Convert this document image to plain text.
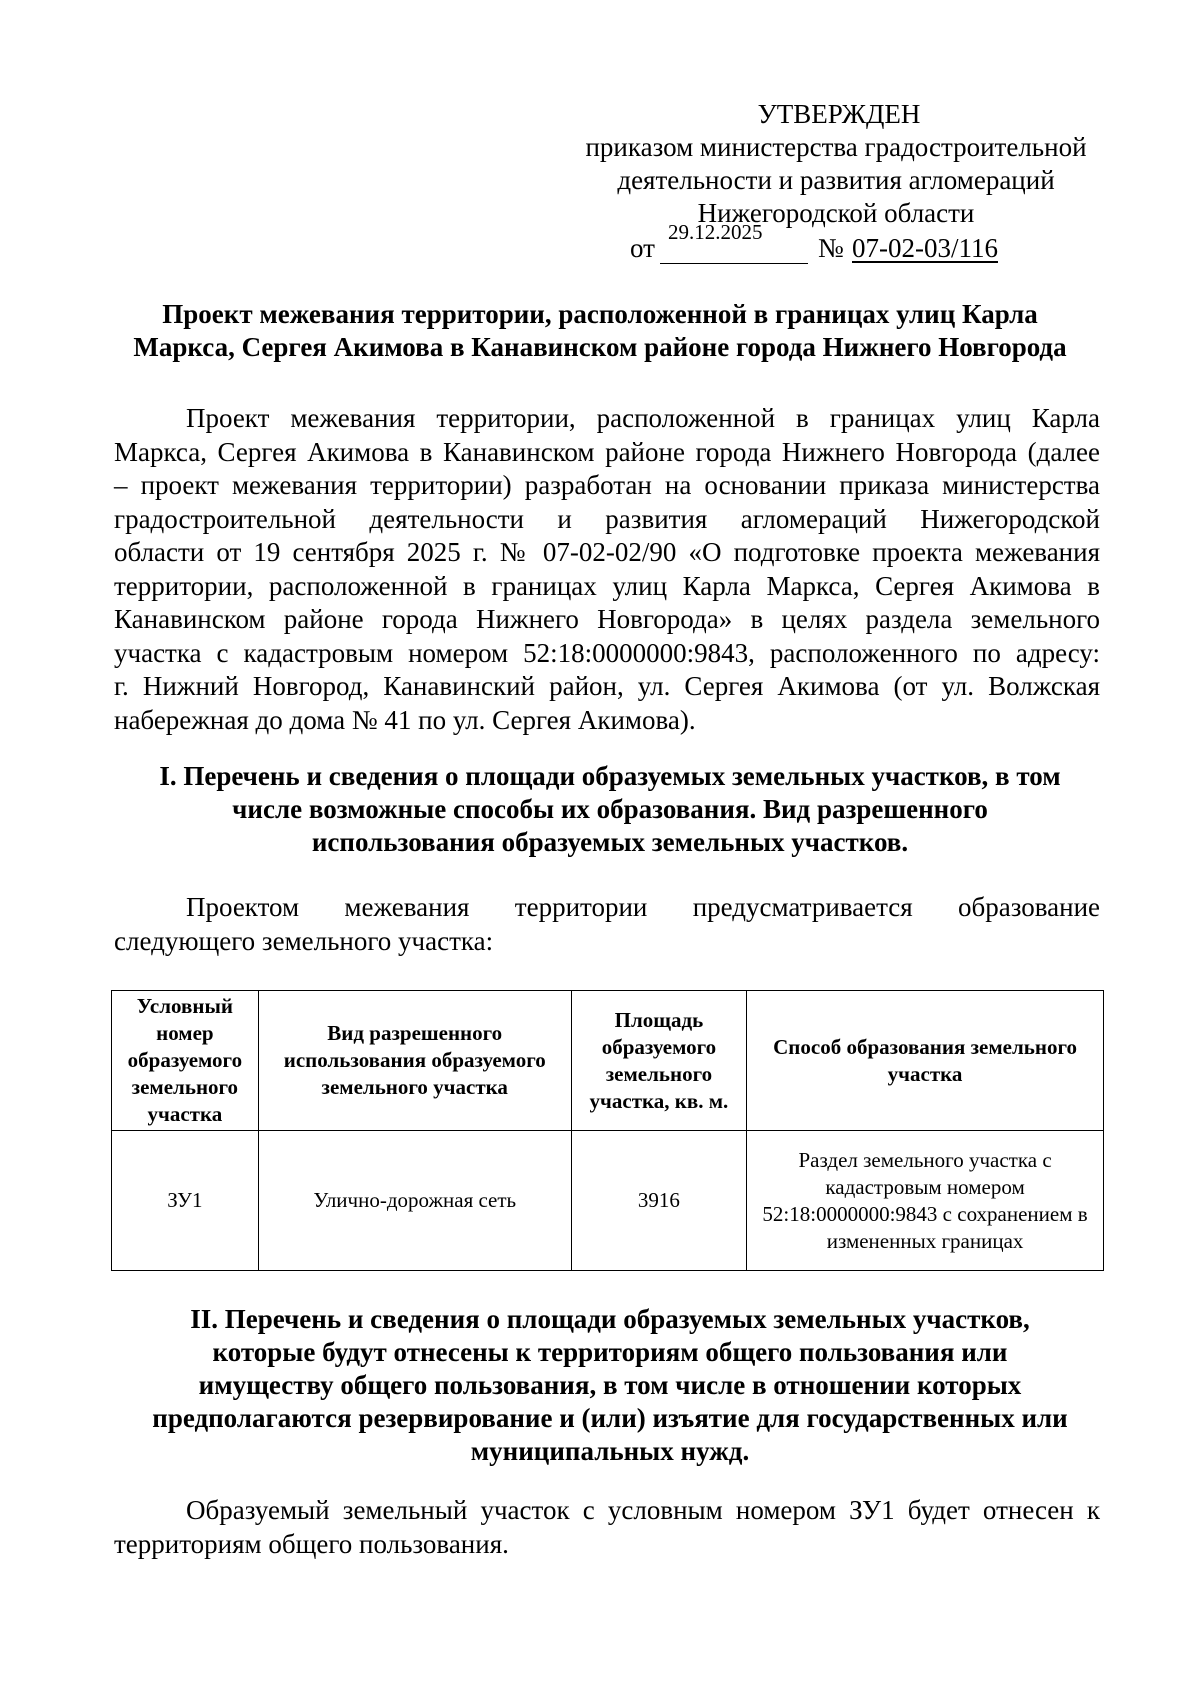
УТВЕРЖДЕН
приказом министерства градостроительной
деятельности и развития агломераций
Нижегородской области
от
29.12.2025
№ 07-02-03/116
Проект межевания территории, расположенной в границах улиц Карла
Маркса, Сергея Акимова в Канавинском районе города Нижнего Новгорода
Проект межевания территории, расположенной в границах улиц Карла
Маркса, Сергея Акимова в Канавинском районе города Нижнего Новгорода (далее
– проект межевания территории) разработан на основании приказа министерства
градостроительной деятельности и развития агломераций Нижегородской
области от 19 сентября 2025 г. № 07-02-02/90 «О подготовке проекта межевания
территории, расположенной в границах улиц Карла Маркса, Сергея Акимова в
Канавинском районе города Нижнего Новгорода» в целях раздела земельного
участка с кадастровым номером 52:18:0000000:9843, расположенного по адресу:
г. Нижний Новгород, Канавинский район, ул. Сергея Акимова (от ул. Волжская
набережная до дома № 41 по ул. Сергея Акимова).
I. Перечень и сведения о площади образуемых земельных участков, в том
числе возможные способы их образования. Вид разрешенного
использования образуемых земельных участков.
Проектом межевания территории предусматривается образование
следующего земельного участка:
Условный номер образуемого земельного участка	Вид разрешенного использования образуемого земельного участка	Площадь образуемого земельного участка, кв. м.	Способ образования земельного участка
ЗУ1	Улично-дорожная сеть	3916	Раздел земельного участка с кадастровым номером 52:18:0000000:9843 с сохранением в измененных границах
II. Перечень и сведения о площади образуемых земельных участков,
которые будут отнесены к территориям общего пользования или
имуществу общего пользования, в том числе в отношении которых
предполагаются резервирование и (или) изъятие для государственных или
муниципальных нужд.
Образуемый земельный участок с условным номером ЗУ1 будет отнесен к
территориям общего пользования.
